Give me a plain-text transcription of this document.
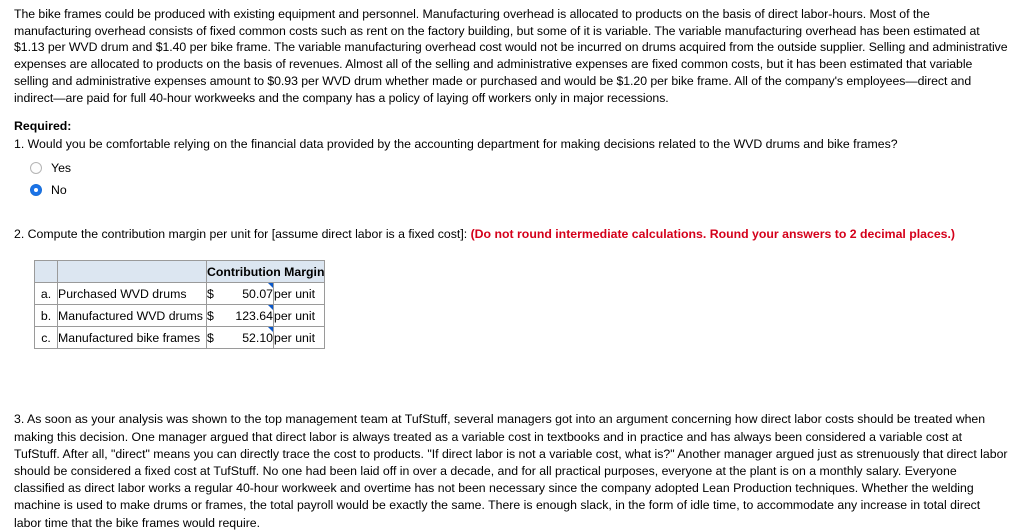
The bike frames could be produced with existing equipment and personnel. Manufacturing overhead is allocated to products on the basis of direct labor-hours. Most of the manufacturing overhead consists of fixed common costs such as rent on the factory building, but some of it is variable. The variable manufacturing overhead has been estimated at $1.13 per WVD drum and $1.40 per bike frame. The variable manufacturing overhead cost would not be incurred on drums acquired from the outside supplier. Selling and administrative expenses are allocated to products on the basis of revenues. Almost all of the selling and administrative expenses are fixed common costs, but it has been estimated that variable selling and administrative expenses amount to $0.93 per WVD drum whether made or purchased and would be $1.20 per bike frame. All of the company's employees—direct and indirect—are paid for full 40-hour workweeks and the company has a policy of laying off workers only in major recessions.

Required:
1. Would you be comfortable relying on the financial data provided by the accounting department for making decisions related to the WVD drums and bike frames?
Yes
No
2. Compute the contribution margin per unit for [assume direct labor is a fixed cost]: (Do not round intermediate calculations. Round your answers to 2 decimal places.)
		Contribution Margin		
a.	Purchased WVD drums	$	50.07	per unit
b.	Manufactured WVD drums	$	123.64	per unit
c.	Manufactured bike frames	$	52.10	per unit

3. As soon as your analysis was shown to the top management team at TufStuff, several managers got into an argument concerning how direct labor costs should be treated when making this decision. One manager argued that direct labor is always treated as a variable cost in textbooks and in practice and has always been considered a variable cost at TufStuff. After all, "direct" means you can directly trace the cost to products. "If direct labor is not a variable cost, what is?" Another manager argued just as strenuously that direct labor should be considered a fixed cost at TufStuff. No one had been laid off in over a decade, and for all practical purposes, everyone at the plant is on a monthly salary. Everyone classified as direct labor works a regular 40-hour workweek and overtime has not been necessary since the company adopted Lean Production techniques. Whether the welding machine is used to make drums or frames, the total payroll would be exactly the same. There is enough slack, in the form of idle time, to accommodate any increase in total direct labor time that the bike frames would require.
